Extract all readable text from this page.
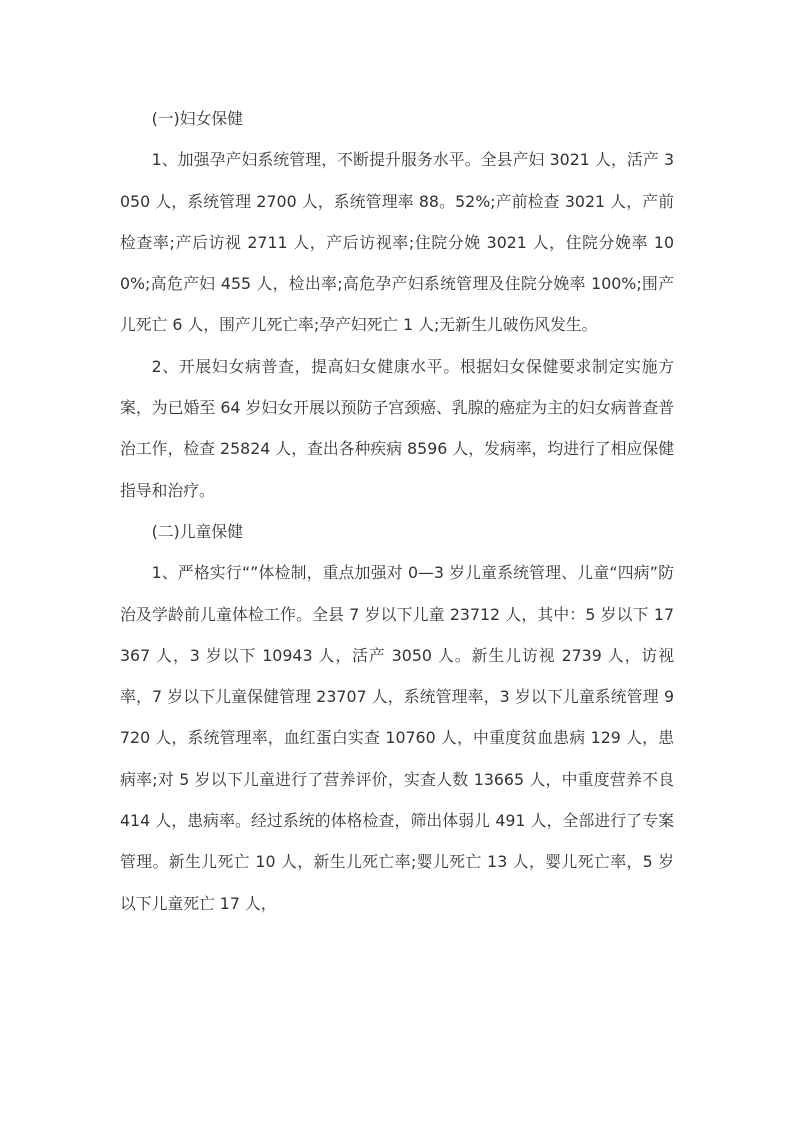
(一)妇女保健

1、加强孕产妇系统管理，不断提升服务水平。全县产妇 3021 人，活产 3050 人，系统管理 2700 人，系统管理率 88。52%;产前检查 3021 人，产前检查率;产后访视 2711 人，产后访视率;住院分娩 3021 人，住院分娩率 100%;高危产妇 455 人，检出率;高危孕产妇系统管理及住院分娩率 100%;围产儿死亡 6 人，围产儿死亡率;孕产妇死亡 1 人;无新生儿破伤风发生。

2、开展妇女病普查，提高妇女健康水平。根据妇女保健要求制定实施方案，为已婚至 64 岁妇女开展以预防子宫颈癌、乳腺的癌症为主的妇女病普查普治工作，检查 25824 人，查出各种疾病 8596 人，发病率，均进行了相应保健指导和治疗。

(二)儿童保健

1、严格实行“”体检制，重点加强对 0—3 岁儿童系统管理、儿童“四病”防治及学龄前儿童体检工作。全县 7 岁以下儿童 23712 人，其中：5 岁以下 17367 人，3 岁以下 10943 人，活产 3050 人。新生儿访视 2739 人，访视率，7 岁以下儿童保健管理 23707 人，系统管理率，3 岁以下儿童系统管理 9720 人，系统管理率，血红蛋白实查 10760 人，中重度贫血患病 129 人，患病率;对 5 岁以下儿童进行了营养评价，实查人数 13665 人，中重度营养不良 414 人，患病率。经过系统的体格检查，筛出体弱儿 491 人，全部进行了专案管理。新生儿死亡 10 人，新生儿死亡率;婴儿死亡 13 人，婴儿死亡率，5 岁以下儿童死亡 17 人，
